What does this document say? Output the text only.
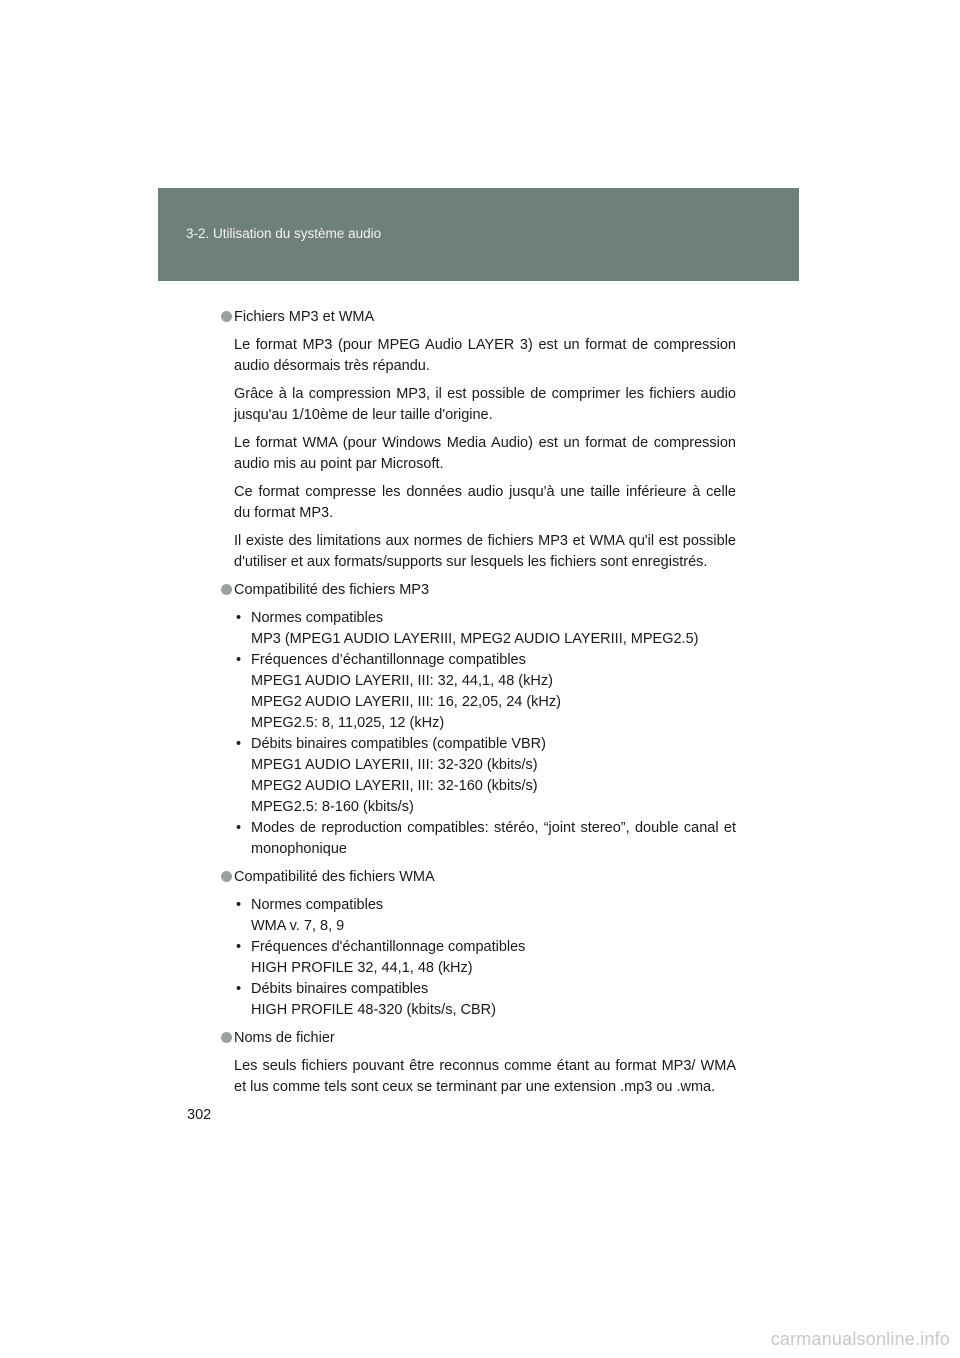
3-2. Utilisation du système audio
Fichiers MP3 et WMA
Le format MP3 (pour MPEG Audio LAYER 3) est un format de compression audio désormais très répandu.
Grâce à la compression MP3, il est possible de comprimer les fichiers audio jusqu'au 1/10ème de leur taille d'origine.
Le format WMA (pour Windows Media Audio) est un format de compression audio mis au point par Microsoft.
Ce format compresse les données audio jusqu'à une taille inférieure à celle du format MP3.
Il existe des limitations aux normes de fichiers MP3 et WMA qu'il est possible d'utiliser et aux formats/supports sur lesquels les fichiers sont enregistrés.
Compatibilité des fichiers MP3
• Normes compatibles
MP3 (MPEG1 AUDIO LAYERIII, MPEG2 AUDIO LAYERIII, MPEG2.5)
• Fréquences d’échantillonnage compatibles
MPEG1 AUDIO LAYERII, III: 32, 44,1, 48 (kHz)
MPEG2 AUDIO LAYERII, III: 16, 22,05, 24 (kHz)
MPEG2.5: 8, 11,025, 12 (kHz)
• Débits binaires compatibles (compatible VBR)
MPEG1 AUDIO LAYERII, III: 32-320 (kbits/s)
MPEG2 AUDIO LAYERII, III: 32-160 (kbits/s)
MPEG2.5: 8-160 (kbits/s)
• Modes de reproduction compatibles: stéréo, “joint stereo”, double canal et monophonique
Compatibilité des fichiers WMA
• Normes compatibles
WMA v. 7, 8, 9
• Fréquences d'échantillonnage compatibles
HIGH PROFILE 32, 44,1, 48 (kHz)
• Débits binaires compatibles
HIGH PROFILE 48-320 (kbits/s, CBR)
Noms de fichier
Les seuls fichiers pouvant être reconnus comme étant au format MP3/ WMA et lus comme tels sont ceux se terminant par une extension .mp3 ou .wma.
302
carmanualsonline.info
